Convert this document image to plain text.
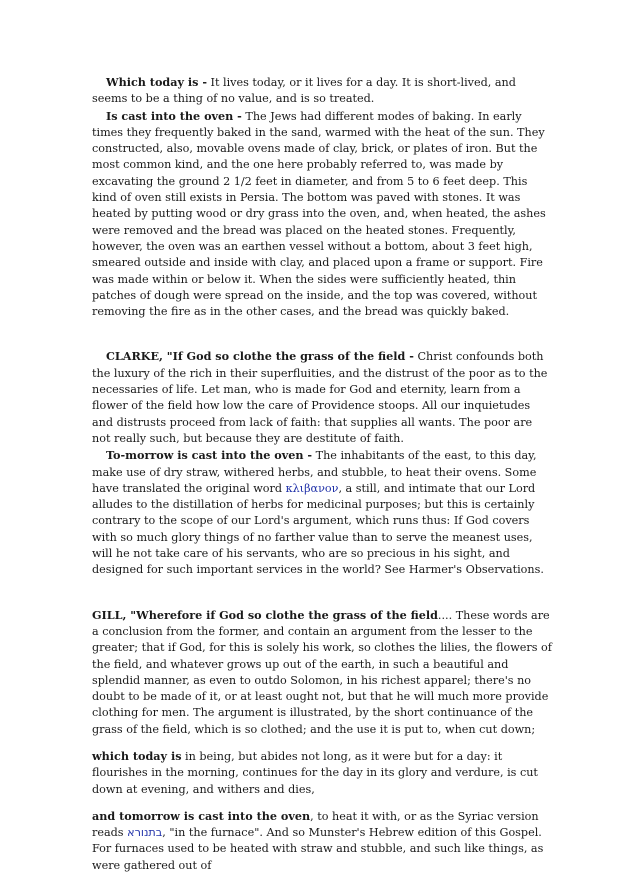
Which today is - It lives today, or it lives for a day. It is short-lived, and seems to be a thing of no value, and is so treated.

Is cast into the oven - The Jews had different modes of baking. In early times they frequently baked in the sand, warmed with the heat of the sun. They constructed, also, movable ovens made of clay, brick, or plates of iron. But the most common kind, and the one here probably referred to, was made by excavating the ground 2 1/2 feet in diameter, and from 5 to 6 feet deep. This kind of oven still exists in Persia. The bottom was paved with stones. It was heated by putting wood or dry grass into the oven, and, when heated, the ashes were removed and the bread was placed on the heated stones. Frequently, however, the oven was an earthen vessel without a bottom, about 3 feet high, smeared outside and inside with clay, and placed upon a frame or support. Fire was made within or below it. When the sides were sufficiently heated, thin patches of dough were spread on the inside, and the top was covered, without removing the fire as in the other cases, and the bread was quickly baked.

CLARKE, "If God so clothe the grass of the field - Christ confounds both the luxury of the rich in their superfluities, and the distrust of the poor as to the necessaries of life. Let man, who is made for God and eternity, learn from a flower of the field how low the care of Providence stoops. All our inquietudes and distrusts proceed from lack of faith: that supplies all wants. The poor are not really such, but because they are destitute of faith.

To-morrow is cast into the oven - The inhabitants of the east, to this day, make use of dry straw, withered herbs, and stubble, to heat their ovens. Some have translated the original word κλιβανον, a still, and intimate that our Lord alludes to the distillation of herbs for medicinal purposes; but this is certainly contrary to the scope of our Lord's argument, which runs thus: If God covers with so much glory things of no farther value than to serve the meanest uses, will he not take care of his servants, who are so precious in his sight, and designed for such important services in the world? See Harmer's Observations.

GILL, "Wherefore if God so clothe the grass of the field.... These words are a conclusion from the former, and contain an argument from the lesser to the greater; that if God, for this is solely his work, so clothes the lilies, the flowers of the field, and whatever grows up out of the earth, in such a beautiful and splendid manner, as even to outdo Solomon, in his richest apparel; there's no doubt to be made of it, or at least ought not, but that he will much more provide clothing for men. The argument is illustrated, by the short continuance of the grass of the field, which is so clothed; and the use it is put to, when cut down;

which today is in being, but abides not long, as it were but for a day: it flourishes in the morning, continues for the day in its glory and verdure, is cut down at evening, and withers and dies,

and tomorrow is cast into the oven, to heat it with, or as the Syriac version reads בתנורא, "in the furnace". And so Munster's Hebrew edition of this Gospel. For furnaces used to be heated with straw and stubble, and such like things, as were gathered out of
